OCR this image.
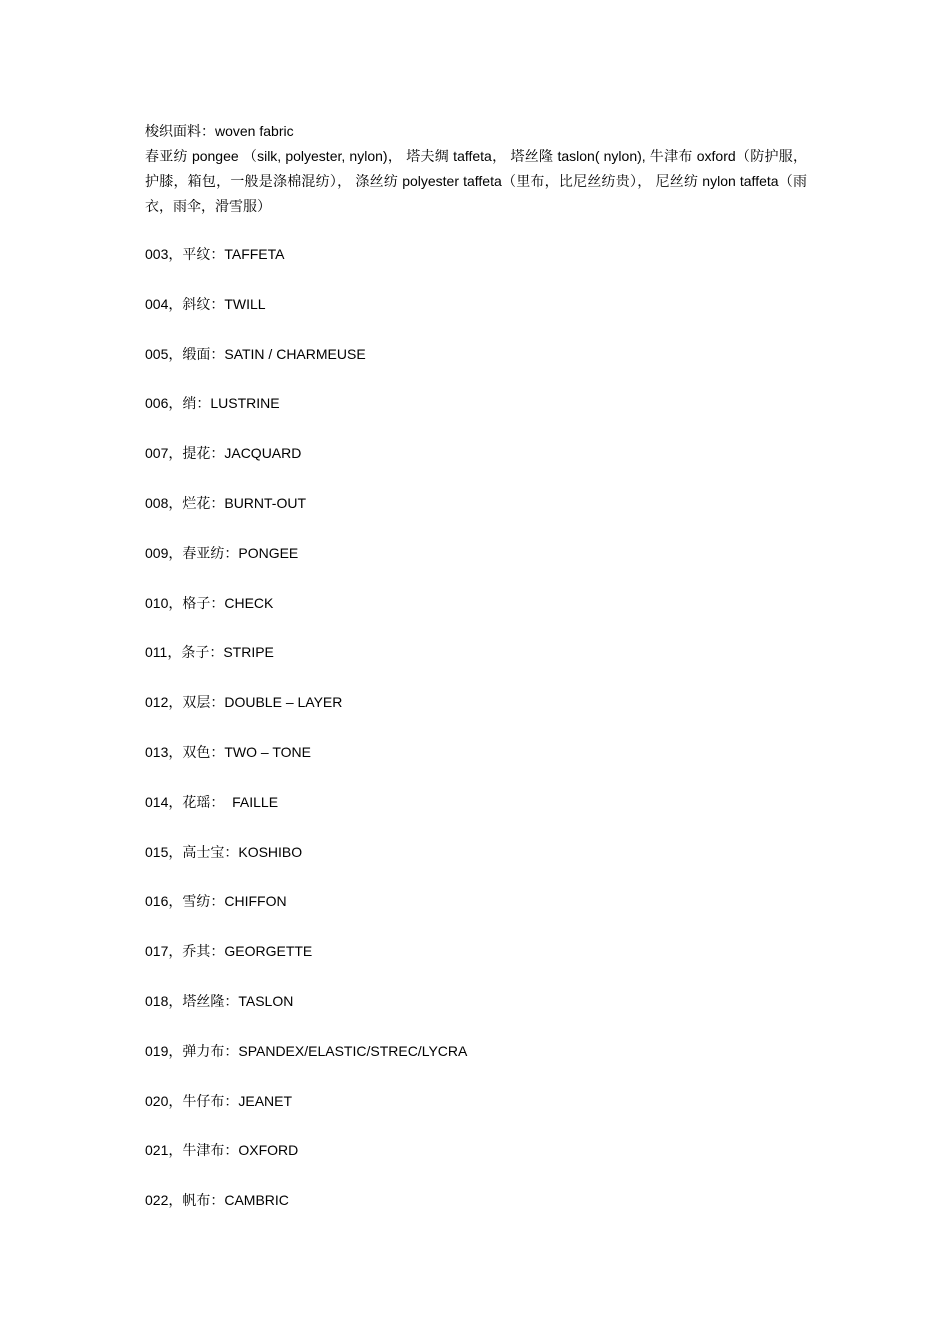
梭织面料：woven fabric

春亚纺 pongee （silk, polyester, nylon)， 塔夫绸 taffeta， 塔丝隆 taslon( nylon), 牛津布 oxford（防护服，护膝，箱包，一般是涤棉混纺）， 涤丝纺 polyester taffeta（里布，比尼丝纺贵）， 尼丝纺 nylon taffeta（雨衣，雨伞，滑雪服）

003，平纹：TAFFETA
004，斜纹：TWILL
005，缎面：SATIN / CHARMEUSE
006，绡：LUSTRINE
007，提花：JACQUARD
008，烂花：BURNT-OUT
009，春亚纺：PONGEE
010，格子：CHECK
011，条子：STRIPE
012，双层：DOUBLE – LAYER
013，双色：TWO – TONE
014，花瑶：  FAILLE
015，高士宝：KOSHIBO
016，雪纺：CHIFFON
017，乔其：GEORGETTE
018，塔丝隆：TASLON
019，弹力布：SPANDEX/ELASTIC/STREC/LYCRA
020，牛仔布：JEANET
021，牛津布：OXFORD
022，帆布：CAMBRIC
